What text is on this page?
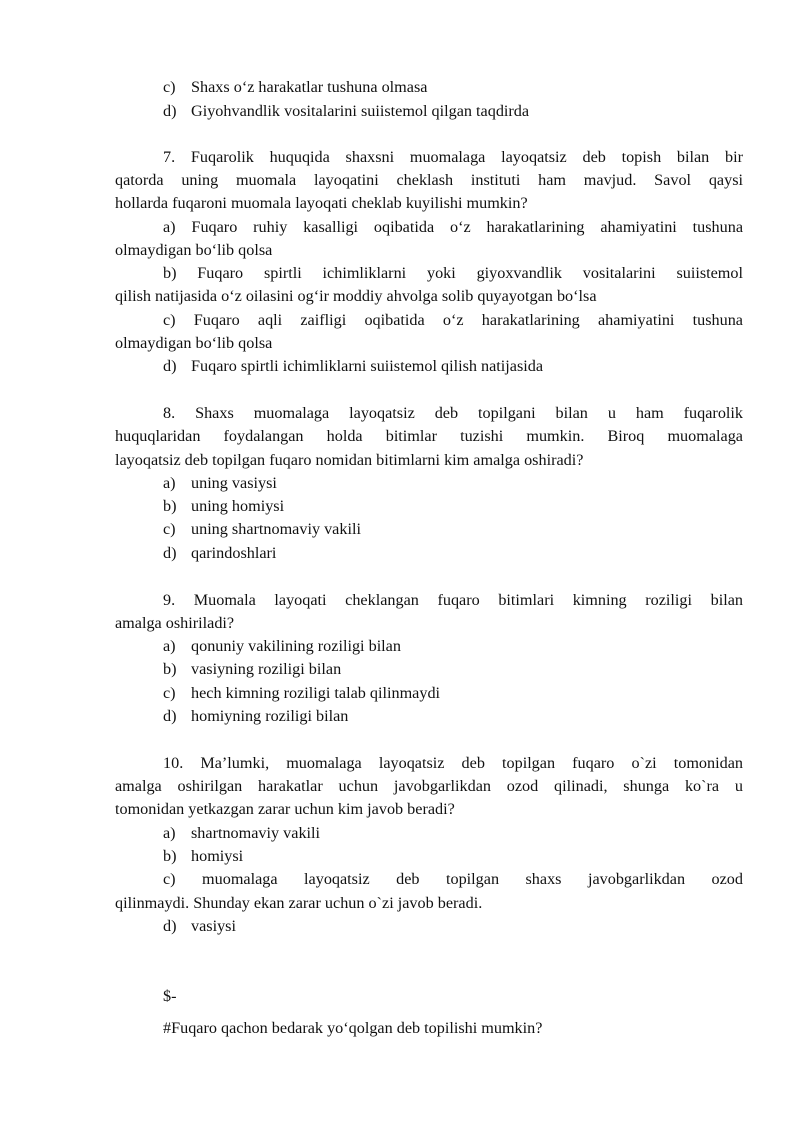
c) Shaxs o‘z harakatlar tushuna olmasa
d) Giyohvandlik vositalarini suiistemol qilgan taqdirda
7. Fuqarolik huquqida shaxsni muomalaga layoqatsiz deb topish bilan bir
qatorda uning muomala layoqatini cheklash instituti ham mavjud. Savol qaysi
hollarda fuqaroni muomala layoqati cheklab kuyilishi mumkin?
a) Fuqaro ruhiy kasalligi oqibatida o‘z harakatlarining ahamiyatini tushuna
olmaydigan bo‘lib qolsa
b) Fuqaro spirtli ichimliklarni yoki giyoxvandlik vositalarini suiistemol
qilish natijasida o‘z oilasini og‘ir moddiy ahvolga solib quyayotgan bo‘lsa
c) Fuqaro aqli zaifligi oqibatida o‘z harakatlarining ahamiyatini tushuna
olmaydigan bo‘lib qolsa
d) Fuqaro spirtli ichimliklarni suiistemol qilish natijasida
8. Shaxs muomalaga layoqatsiz deb topilgani bilan u ham fuqarolik
huquqlaridan foydalangan holda bitimlar tuzishi mumkin. Biroq muomalaga
layoqatsiz deb topilgan fuqaro nomidan bitimlarni kim amalga oshiradi?
a) uning vasiysi
b) uning homiysi
c) uning shartnomaviy vakili
d) qarindoshlari
9. Muomala layoqati cheklangan fuqaro bitimlari kimning roziligi bilan
amalga oshiriladi?
a) qonuniy vakilining roziligi bilan
b) vasiyning roziligi bilan
c) hech kimning roziligi talab qilinmaydi
d) homiyning roziligi bilan
10. Ma’lumki, muomalaga layoqatsiz deb topilgan fuqaro o`zi tomonidan
amalga oshirilgan harakatlar uchun javobgarlikdan ozod qilinadi, shunga ko`ra u
tomonidan yetkazgan zarar uchun kim javob beradi?
a) shartnomaviy vakili
b) homiysi
c) muomalaga layoqatsiz deb topilgan shaxs javobgarlikdan ozod
qilinmaydi. Shunday ekan zarar uchun o`zi javob beradi.
d) vasiysi
$-
#Fuqaro qachon bedarak yo‘qolgan deb topilishi mumkin?
